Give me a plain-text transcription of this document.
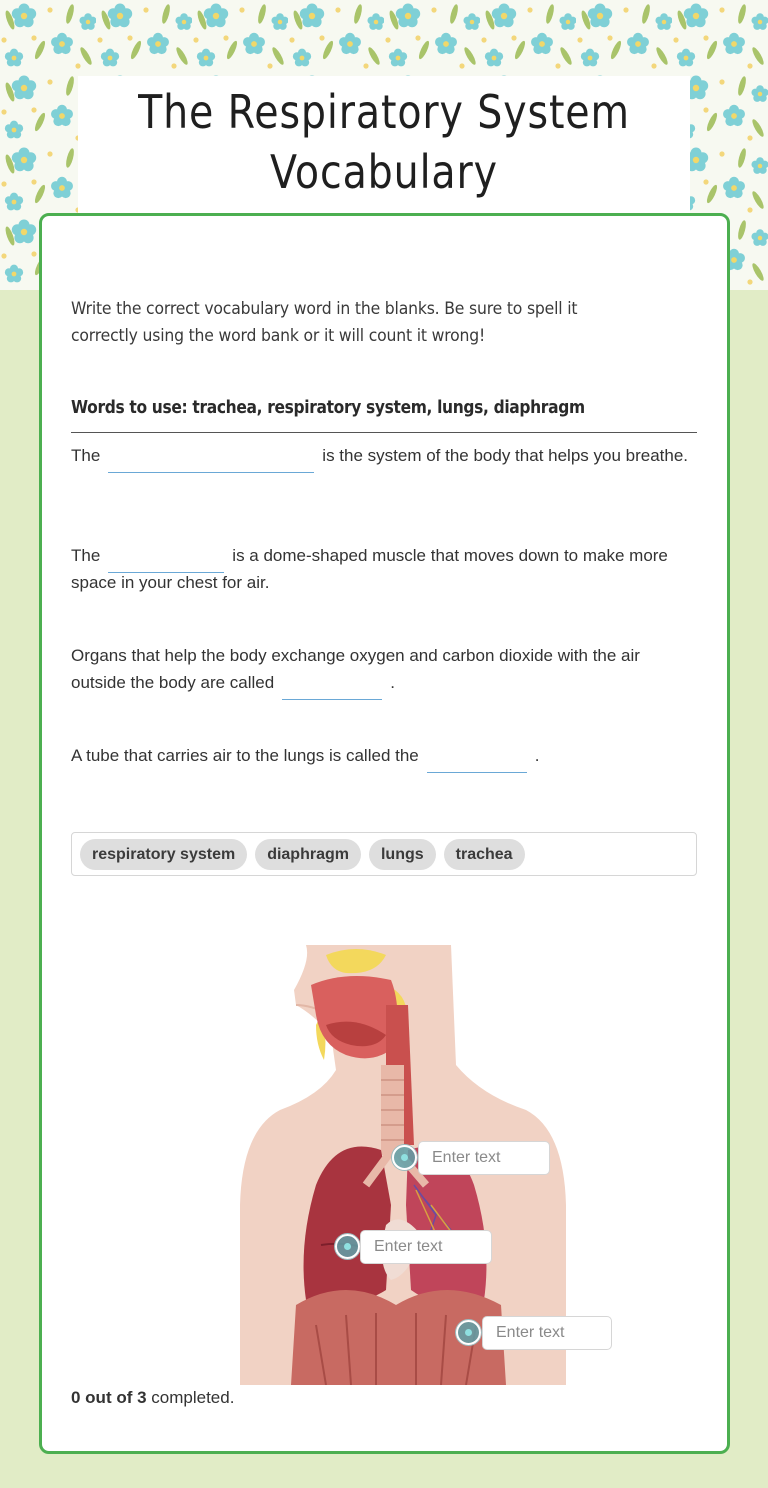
The Respiratory System
Vocabulary

Write the correct vocabulary word in the blanks. Be sure to spell it correctly using the word bank or it will count it wrong!

Words to use: trachea, respiratory system, lungs, diaphragm

The	is the system of the body that helps you breathe.
The	is a dome-shaped muscle that moves down to make more space in your chest for air.
Organs that help the body exchange oxygen and carbon dioxide with the air outside the body are called	.
A tube that carries air to the lungs is called the	.
respiratory system	diaphragm	lungs	trachea
Enter text
Enter text
Enter text
0 out of 3 completed.
